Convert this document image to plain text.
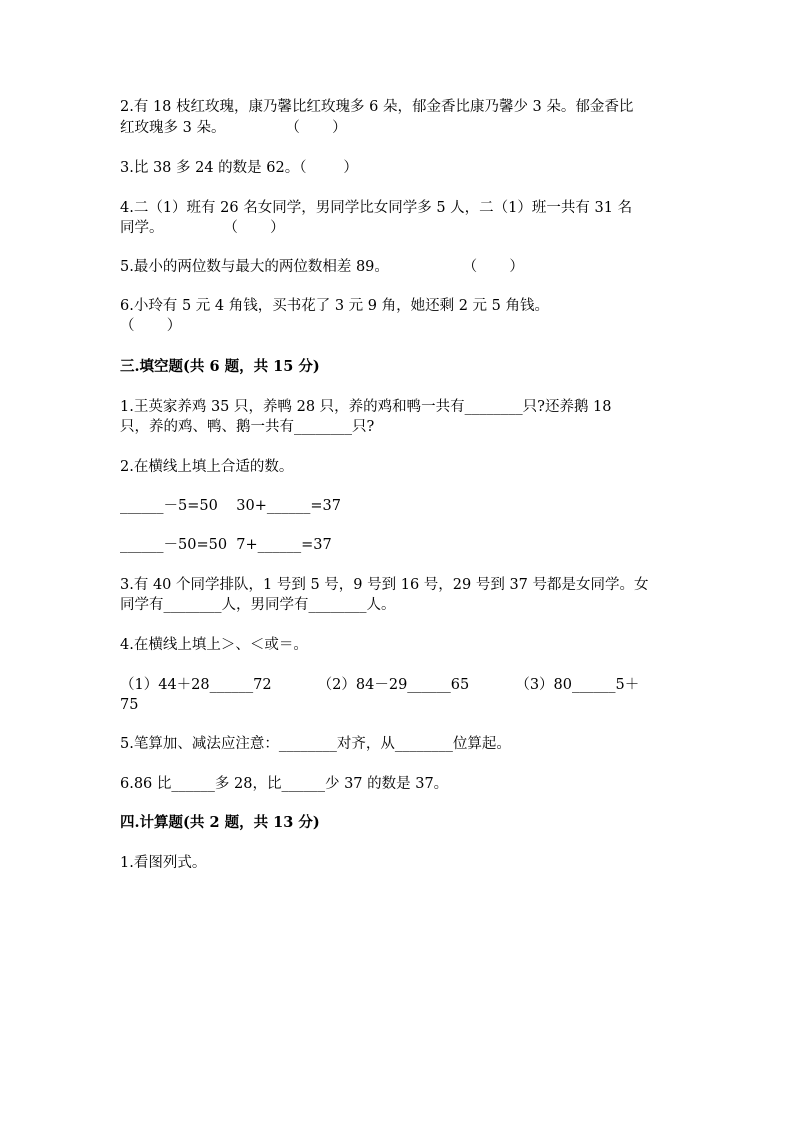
2.有 18 枝红玫瑰，康乃馨比红玫瑰多 6 朵，郁金香比康乃馨少 3 朵。郁金香比
红玫瑰多 3 朵。             （       ）
3.比 38 多 24 的数是 62。（        ）
4.二（1）班有 26 名女同学，男同学比女同学多 5 人，二（1）班一共有 31 名
同学。             （       ）
5.最小的两位数与最大的两位数相差 89。                （       ）
6.小玲有 5 元 4 角钱，买书花了 3 元 9 角，她还剩 2 元 5 角钱。
（       ）
三.填空题(共 6 题，共 15 分)
1.王英家养鸡 35 只，养鸭 28 只，养的鸡和鸭一共有________只?还养鹅 18
只，养的鸡、鸭、鹅一共有________只?
2.在横线上填上合适的数。
______－5=50    30+______=37
______－50=50  7+______=37
3.有 40 个同学排队，1 号到 5 号，9 号到 16 号，29 号到 37 号都是女同学。女
同学有________人，男同学有________人。
4.在横线上填上＞、＜或＝。
（1）44＋28______72          （2）84－29______65          （3）80______5＋
75
5.笔算加、减法应注意：________对齐，从________位算起。
6.86 比______多 28，比______少 37 的数是 37。
四.计算题(共 2 题，共 13 分)
1.看图列式。
